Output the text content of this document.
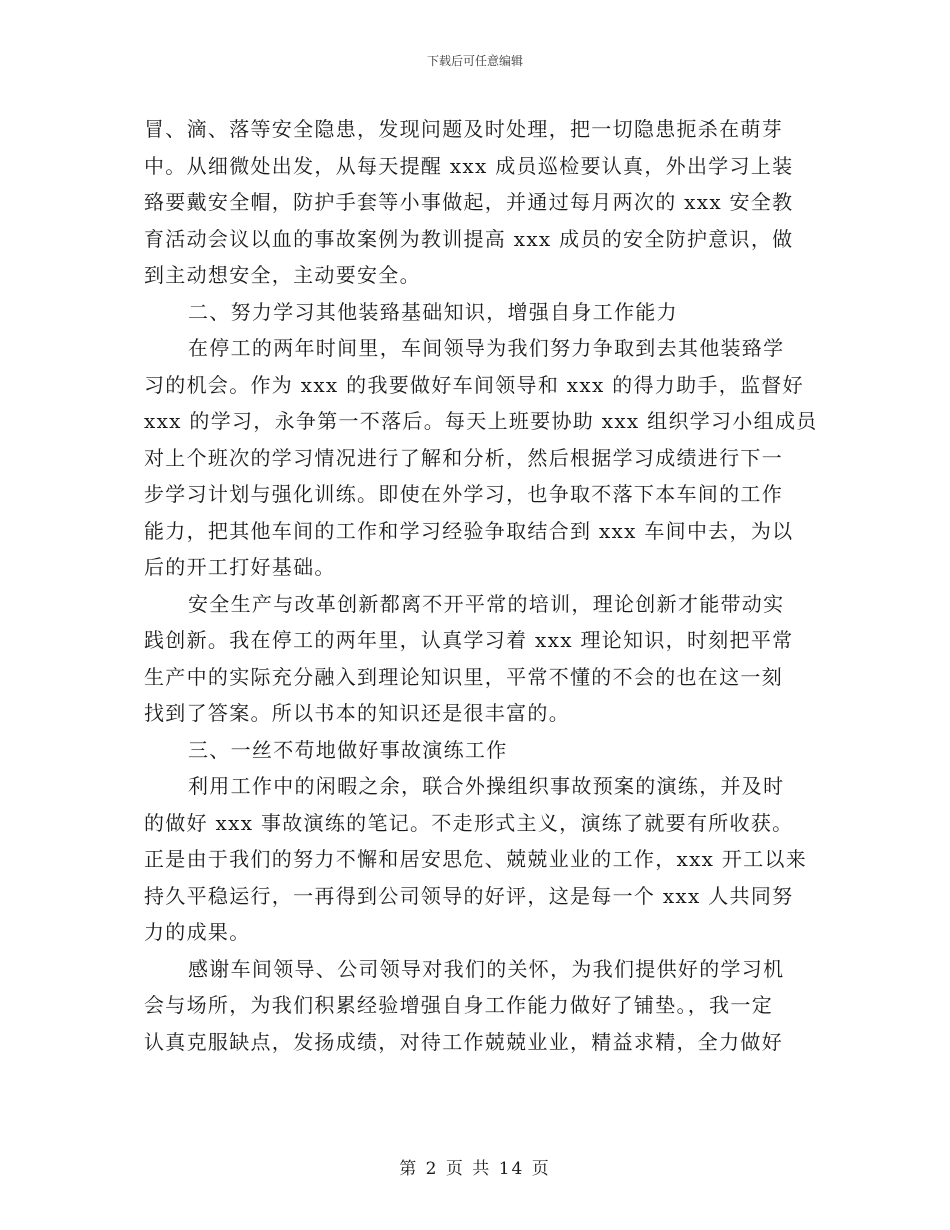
下载后可任意编辑

冒、滴、落等安全隐患，发现问题及时处理，把一切隐患扼杀在萌芽
中。从细微处出发，从每天提醒 xxx 成员巡检要认真，外出学习上装
臵要戴安全帽，防护手套等小事做起，并通过每月两次的 xxx 安全教
育活动会议以血的事故案例为教训提高 xxx 成员的安全防护意识，做
到主动想安全，主动要安全。

二、努力学习其他装臵基础知识，增强自身工作能力

在停工的两年时间里，车间领导为我们努力争取到去其他装臵学
习的机会。作为 xxx 的我要做好车间领导和 xxx 的得力助手，监督好
xxx 的学习，永争第一不落后。每天上班要协助 xxx 组织学习小组成员
对上个班次的学习情况进行了解和分析，然后根据学习成绩进行下一
步学习计划与强化训练。即使在外学习，也争取不落下本车间的工作
能力，把其他车间的工作和学习经验争取结合到 xxx 车间中去，为以
后的开工打好基础。

安全生产与改革创新都离不开平常的培训，理论创新才能带动实
践创新。我在停工的两年里，认真学习着 xxx 理论知识，时刻把平常
生产中的实际充分融入到理论知识里，平常不懂的不会的也在这一刻
找到了答案。所以书本的知识还是很丰富的。

三、一丝不苟地做好事故演练工作

利用工作中的闲暇之余，联合外操组织事故预案的演练，并及时
的做好 xxx 事故演练的笔记。不走形式主义，演练了就要有所收获。
正是由于我们的努力不懈和居安思危、兢兢业业的工作，xxx 开工以来
持久平稳运行，一再得到公司领导的好评，这是每一个 xxx 人共同努
力的成果。

感谢车间领导、公司领导对我们的关怀，为我们提供好的学习机
会与场所，为我们积累经验增强自身工作能力做好了铺垫。，我一定
认真克服缺点，发扬成绩，对待工作兢兢业业，精益求精，全力做好

第 2 页 共 14 页
